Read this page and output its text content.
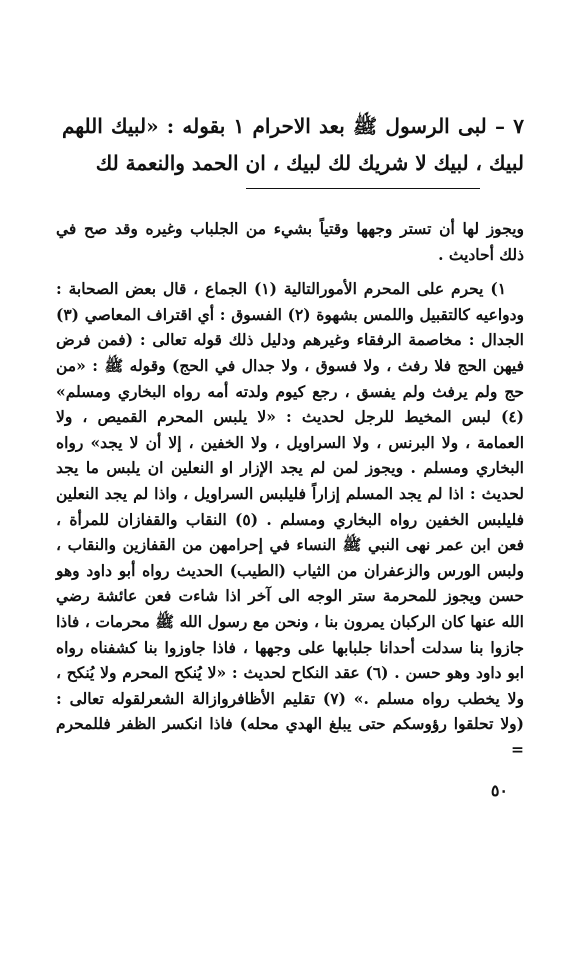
٧ – لبى الرسول ﷺ بعد الاحرام ١ بقوله : «لبيك اللهم لبيك ، لبيك لا شريك لك لبيك ، ان الحمد والنعمة لك

ويجوز لها أن تستر وجهها وقتياً بشيء من الجلباب وغيره وقد صح في ذلك أحاديث .

١) يحرم على المحرم الأمورالتالية (١) الجماع ، قال بعض الصحابة : ودواعيه كالتقبيل واللمس بشهوة (٢) الفسوق : أي اقتراف المعاصي (٣) الجدال : مخاصمة الرفقاء وغيرهم ودليل ذلك قوله تعالى : (فمن فرض فيهن الحج فلا رفث ، ولا فسوق ، ولا جدال في الحج) وقوله ﷺ : «من حج ولم يرفث ولم يفسق ، رجع كيوم ولدته أمه رواه البخاري ومسلم» (٤) لبس المخيط للرجل لحديث : «لا يلبس المحرم القميص ، ولا العمامة ، ولا البرنس ، ولا السراويل ، ولا الخفين ، إلا أن لا يجد» رواه البخاري ومسلم . ويجوز لمن لم يجد الإزار او النعلين ان يلبس ما يجد لحديث : اذا لم يجد المسلم إزاراً فليلبس السراويل ، واذا لم يجد النعلين فليلبس الخفين رواه البخاري ومسلم . (٥) النقاب والقفازان للمرأة ، فعن ابن عمر نهى النبي ﷺ النساء في إحرامهن من القفازين والنقاب ، ولبس الورس والزعفران من الثياب (الطيب) الحديث رواه أبو داود وهو حسن ويجوز للمحرمة ستر الوجه الى آخر اذا شاءت فعن عائشة رضي الله عنها كان الركبان يمرون بنا ، ونحن مع رسول الله ﷺ محرمات ، فاذا جازوا بنا سدلت أحدانا جلبابها على وجهها ، فاذا جاوزوا بنا كشفناه رواه ابو داود وهو حسن . (٦) عقد النكاح لحديث : «لا يُنكح المحرم ولا يُنكح ، ولا يخطب رواه مسلم .» (٧) تقليم الأظافروازالة الشعرلقوله تعالى : (ولا تحلقوا رؤوسكم حتى يبلغ الهدي محله) فاذا انكسر الظفر فللمحرم =

٥٠
